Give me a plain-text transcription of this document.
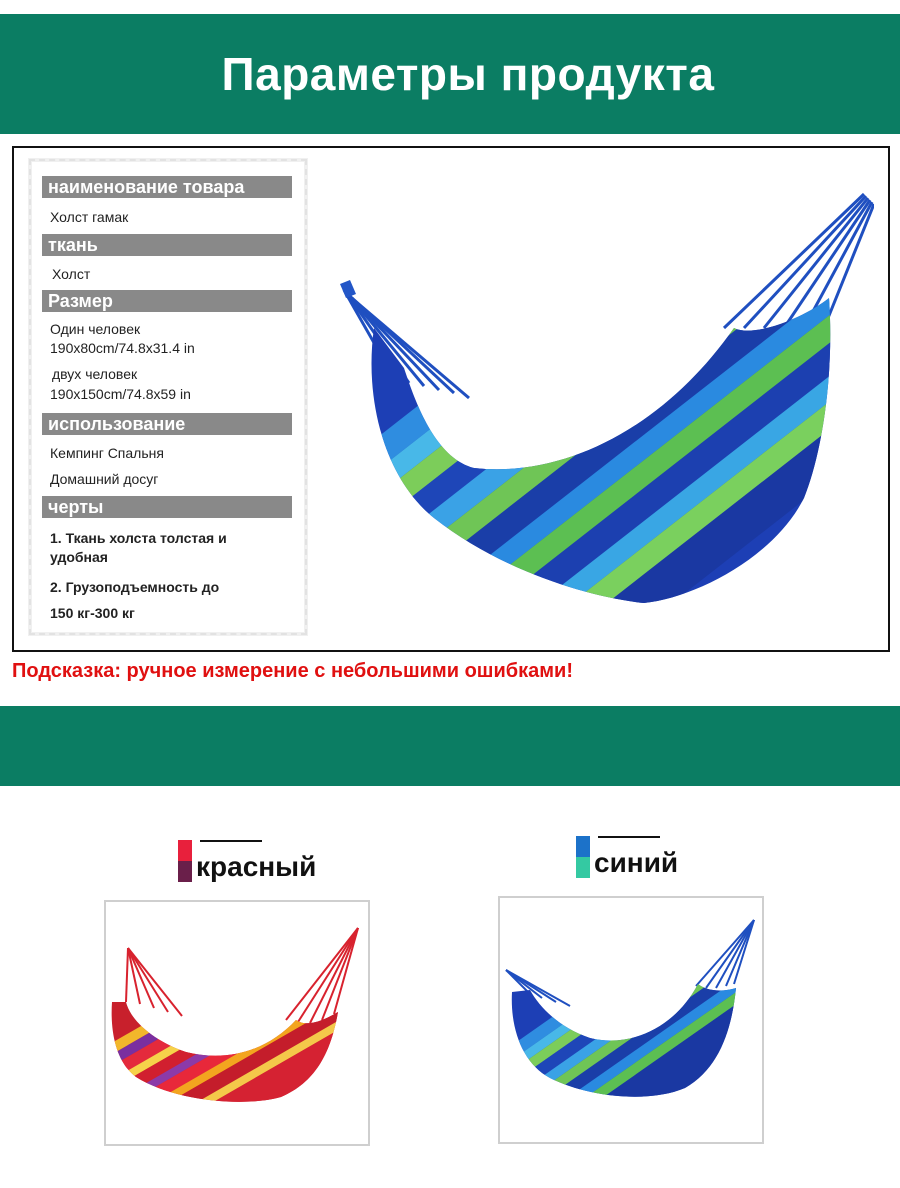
Параметры продукта
наименование товара
Холст гамак
ткань
Холст
Размер
Один человек
190x80cm/74.8x31.4 in
двух человек
190x150cm/74.8x59 in
использование
Кемпинг Спальня
Домашний досуг
черты
1. Ткань холста толстая и
удобная
2. Грузоподъемность до
150 кг-300 кг
Подсказка: ручное измерение с небольшими ошибками!
красный	синий
